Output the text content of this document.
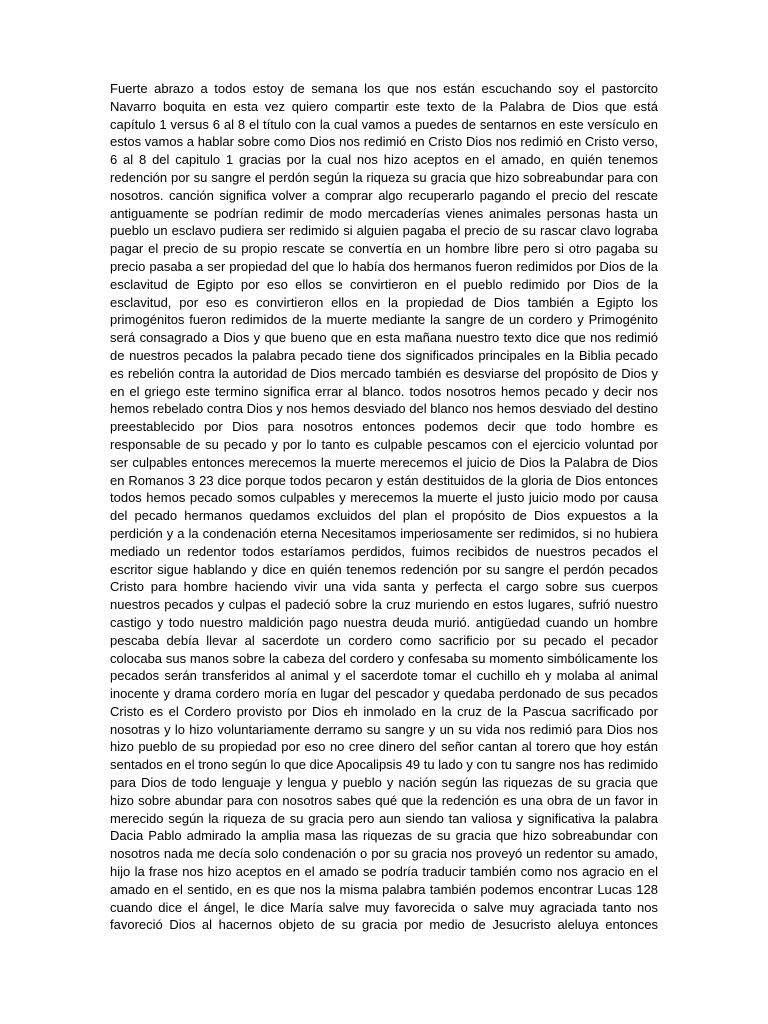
Fuerte abrazo a todos estoy de semana los que nos están escuchando soy el pastorcito Navarro boquita en esta vez quiero compartir este texto de la Palabra de Dios que está capítulo 1 versus 6 al 8 el título con la cual vamos a puedes de sentarnos en este versículo en estos vamos a hablar sobre como Dios nos redimió en Cristo Dios nos redimió en Cristo verso, 6 al 8 del capitulo 1 gracias por la cual nos hizo aceptos en el amado, en quién tenemos redención por su sangre el perdón según la riqueza su gracia que hizo sobreabundar para con nosotros. canción significa volver a comprar algo recuperarlo pagando el precio del rescate antiguamente se podrían redimir de modo mercaderías vienes animales personas hasta un pueblo un esclavo pudiera ser redimido si alguien pagaba el precio de su rascar clavo lograba pagar el precio de su propio rescate se convertía en un hombre libre pero si otro pagaba su precio pasaba a ser propiedad del que lo había dos hermanos fueron redimidos por Dios de la esclavitud de Egipto por eso ellos se convirtieron en el pueblo redimido por Dios de la esclavitud, por eso es convirtieron ellos en la propiedad de Dios también a Egipto los primogénitos fueron redimidos de la muerte mediante la sangre de un cordero y Primogénito será consagrado a Dios y que bueno que en esta mañana nuestro texto dice que nos redimió de nuestros pecados la palabra pecado tiene dos significados principales en la Biblia pecado es rebelión contra la autoridad de Dios mercado también es desviarse del propósito de Dios y en el griego este termino significa errar al blanco. todos nosotros hemos pecado y decir nos hemos rebelado contra Dios y nos hemos desviado del blanco nos hemos desviado del destino preestablecido por Dios para nosotros entonces podemos decir que todo hombre es responsable de su pecado y por lo tanto es culpable pescamos con el ejercicio voluntad por ser culpables entonces merecemos la muerte merecemos el juicio de Dios la Palabra de Dios en Romanos 3 23 dice porque todos pecaron y están destituidos de la gloria de Dios entonces todos hemos pecado somos culpables y merecemos la muerte el justo juicio modo por causa del pecado hermanos quedamos excluidos del plan el propósito de Dios expuestos a la perdición y a la condenación eterna Necesitamos imperiosamente ser redimidos, si no hubiera mediado un redentor todos estaríamos perdidos, fuimos recibidos de nuestros pecados el escritor sigue hablando y dice en quién tenemos redención por su sangre el perdón pecados Cristo para hombre haciendo vivir una vida santa y perfecta el cargo sobre sus cuerpos nuestros pecados y culpas el padeció sobre la cruz muriendo en estos lugares, sufrió nuestro castigo y todo nuestro maldición pago nuestra deuda murió. antigüedad cuando un hombre pescaba debía llevar al sacerdote un cordero como sacrificio por su pecado el pecador colocaba sus manos sobre la cabeza del cordero y confesaba su momento simbólicamente los pecados serán transferidos al animal y el sacerdote tomar el cuchillo eh y molaba al animal inocente y drama cordero moría en lugar del pescador y quedaba perdonado de sus pecados Cristo es el Cordero provisto por Dios eh inmolado en la cruz de la Pascua sacrificado por nosotras y lo hizo voluntariamente derramo su sangre y un su vida nos redimió para Dios nos hizo pueblo de su propiedad por eso no cree dinero del señor cantan al torero que hoy están sentados en el trono según lo que dice Apocalipsis 49 tu lado y con tu sangre nos has redimido para Dios de todo lenguaje y lengua y pueblo y nación según las riquezas de su gracia que hizo sobre abundar para con nosotros sabes qué que la redención es una obra de un favor in merecido según la riqueza de su gracia pero aun siendo tan valiosa y significativa la palabra Dacia Pablo admirado la amplia masa las riquezas de su gracia que hizo sobreabundar con nosotros nada me decía solo condenación o por su gracia nos proveyó un redentor su amado, hijo la frase nos hizo aceptos en el amado se podría traducir también como nos agracio en el amado en el sentido, en es que nos la misma palabra también podemos encontrar Lucas 128 cuando dice el ángel, le dice María salve muy favorecida o salve muy agraciada tanto nos favoreció Dios al hacernos objeto de su gracia por medio de Jesucristo aleluya entonces
